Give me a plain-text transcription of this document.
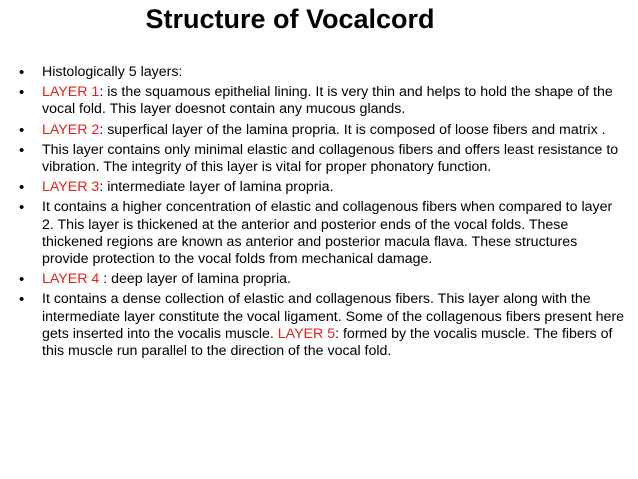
Structure of Vocalcord
• Histologically 5 layers:
• LAYER 1: is the squamous epithelial lining. It is very thin and helps to hold the shape of the vocal fold. This layer doesnot contain any mucous glands.
• LAYER 2: superfical layer of the lamina propria. It is composed of loose fibers and matrix .
• This layer contains only minimal elastic and collagenous fibers and offers least resistance to vibration. The integrity of this layer is vital for proper phonatory function.
• LAYER 3: intermediate layer of lamina propria.
• It contains a higher concentration of elastic and collagenous fibers when compared to layer 2. This layer is thickened at the anterior and posterior ends of the vocal folds. These thickened regions are known as anterior and posterior macula flava. These structures provide protection to the vocal folds from mechanical damage.
• LAYER 4 : deep layer of lamina propria.
• It contains a dense collection of elastic and collagenous fibers. This layer along with the intermediate layer constitute the vocal ligament. Some of the collagenous fibers present here gets inserted into the vocalis muscle. LAYER 5: formed by the vocalis muscle. The fibers of this muscle run parallel to the direction of the vocal fold.
